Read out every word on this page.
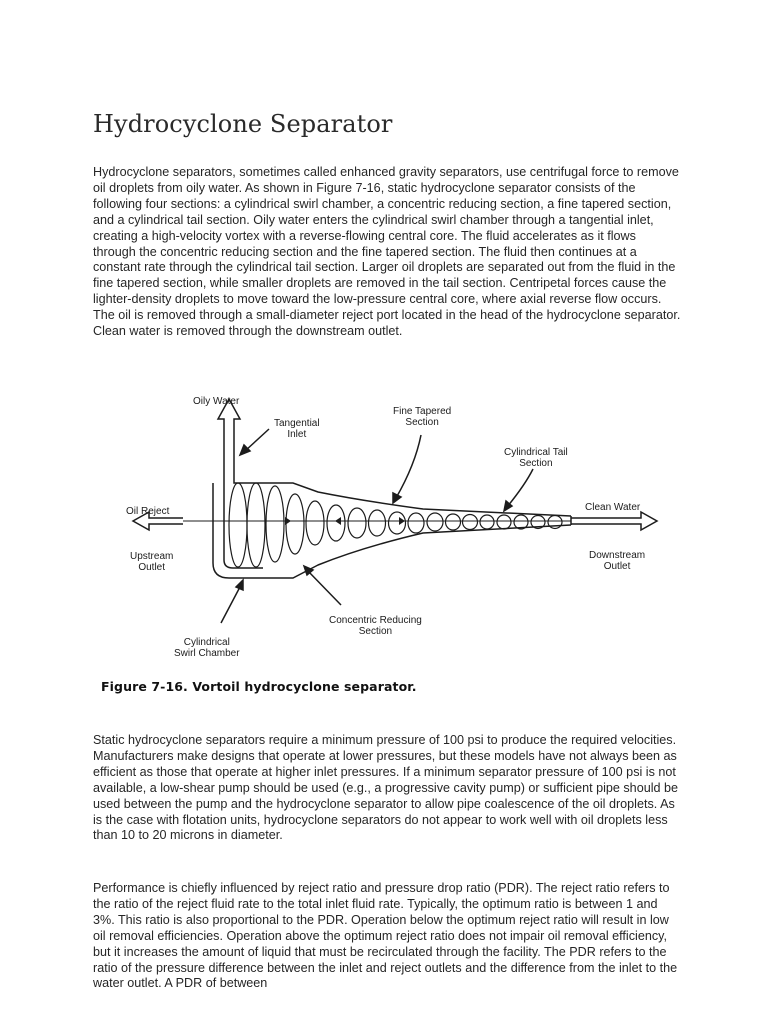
Hydrocyclone Separator

Hydrocyclone separators, sometimes called enhanced gravity separators, use centrifugal force to remove oil droplets from oily water. As shown in Figure 7-16, static hydrocyclone separator consists of the following four sections: a cylindrical swirl chamber, a concentric reducing section, a fine tapered section, and a cylindrical tail section. Oily water enters the cylindrical swirl chamber through a tangential inlet, creating a high-velocity vortex with a reverse-flowing central core. The fluid accelerates as it flows through the concentric reducing section and the fine tapered section. The fluid then continues at a constant rate through the cylindrical tail section. Larger oil droplets are separated out from the fluid in the fine tapered section, while smaller droplets are removed in the tail section. Centripetal forces cause the lighter-density droplets to move toward the low-pressure central core, where axial reverse flow occurs. The oil is removed through a small-diameter reject port located in the head of the hydrocyclone separator. Clean water is removed through the downstream outlet.

Oily Water
Tangential
Inlet
Fine Tapered
Section
Cylindrical Tail
Section
Oil Reject	Clean Water
Upstream
Outlet
Downstream
Outlet
Concentric Reducing
Section
Cylindrical
Swirl Chamber
Figure 7-16. Vortoil hydrocyclone separator.

Static hydrocyclone separators require a minimum pressure of 100 psi to produce the required velocities. Manufacturers make designs that operate at lower pressures, but these models have not always been as efficient as those that operate at higher inlet pressures. If a minimum separator pressure of 100 psi is not available, a low-shear pump should be used (e.g., a progressive cavity pump) or sufficient pipe should be used between the pump and the hydrocyclone separator to allow pipe coalescence of the oil droplets. As is the case with flotation units, hydrocyclone separators do not appear to work well with oil droplets less than 10 to 20 microns in diameter.

Performance is chiefly influenced by reject ratio and pressure drop ratio (PDR). The reject ratio refers to the ratio of the reject fluid rate to the total inlet fluid rate. Typically, the optimum ratio is between 1 and 3%. This ratio is also proportional to the PDR. Operation below the optimum reject ratio will result in low oil removal efficiencies. Operation above the optimum reject ratio does not impair oil removal efficiency, but it increases the amount of liquid that must be recirculated through the facility. The PDR refers to the ratio of the pressure difference between the inlet and reject outlets and the difference from the inlet to the water outlet. A PDR of between
